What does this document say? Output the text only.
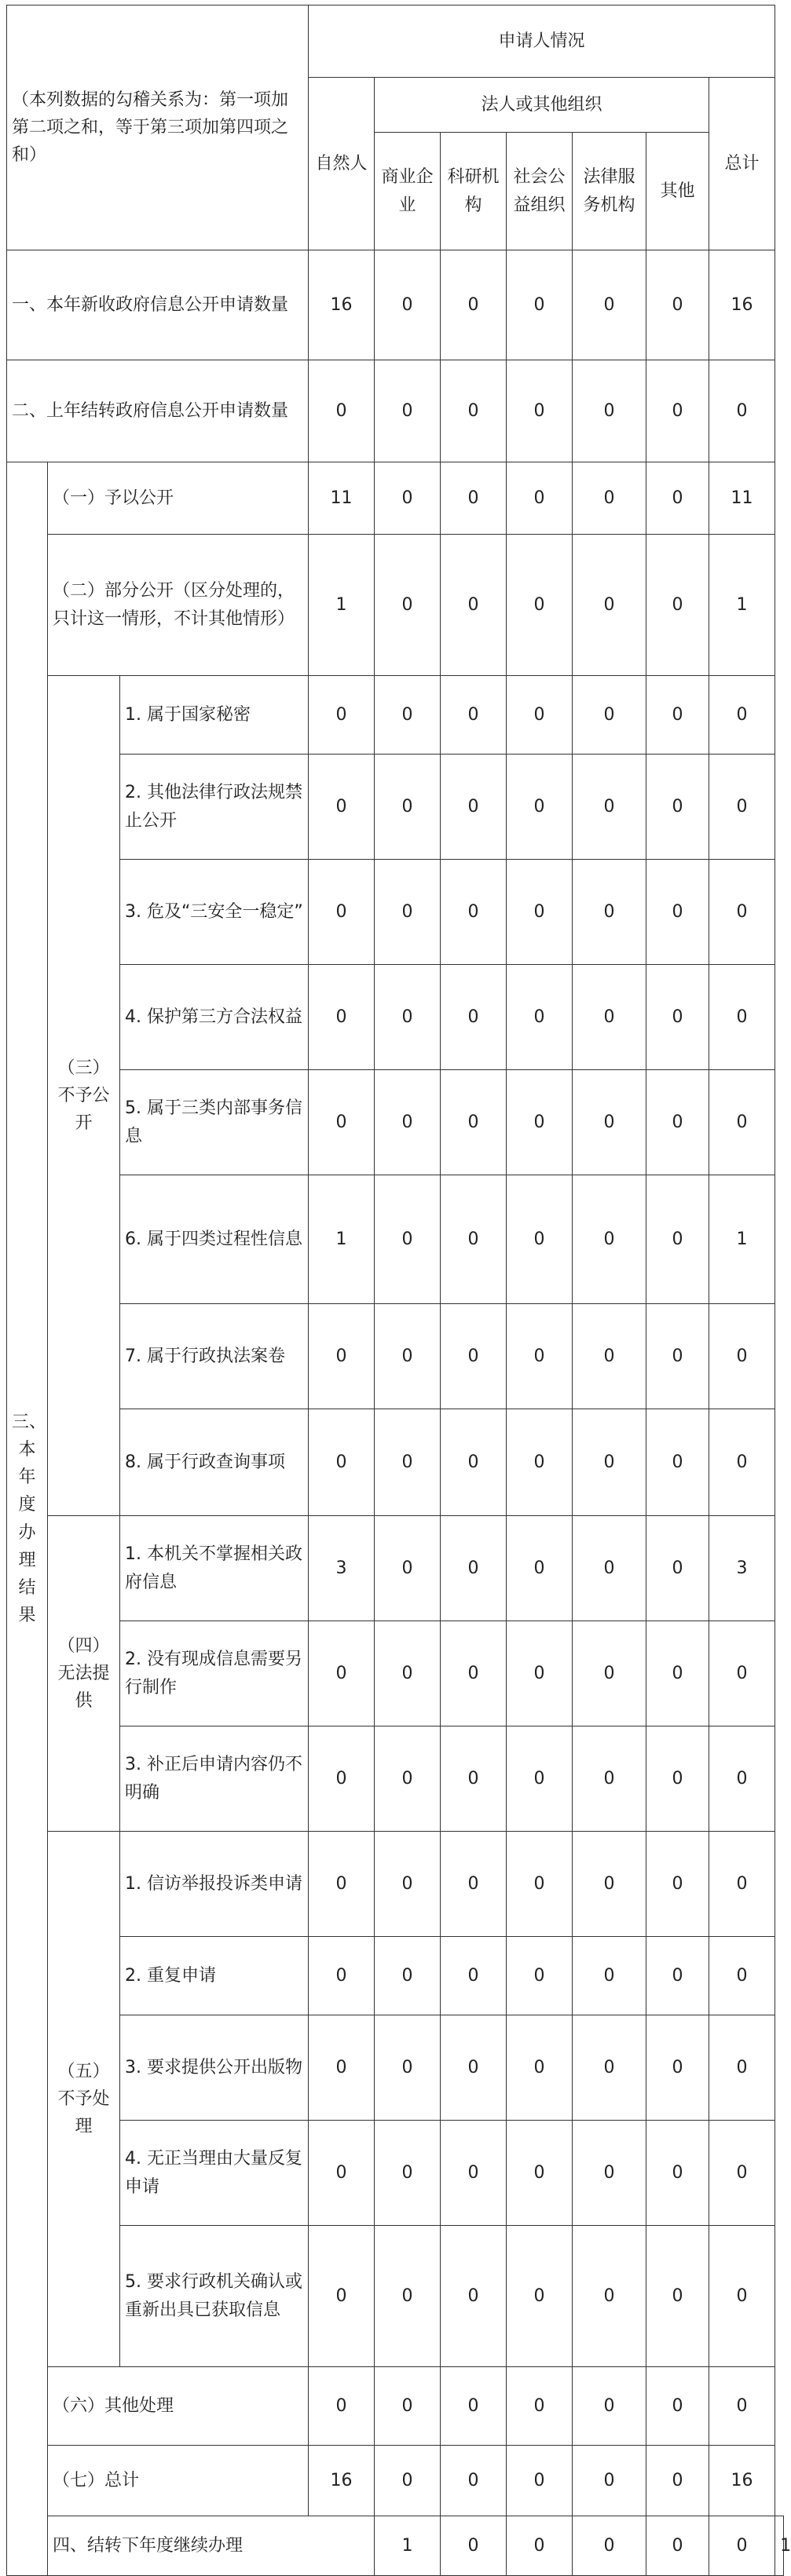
（本列数据的勾稽关系为：第一项加第二项之和，等于第三项加第四项之和）			申请人情况							
			自然人	法人或其他组织					总计	
				商业企业	科研机构	社会公益组织	法律服务机构	其他		
一、本年新收政府信息公开申请数量			16	0	0	0	0	0	16	
二、上年结转政府信息公开申请数量			0	0	0	0	0	0	0	
三、本年度办理结果	（一）予以公开		11	0	0	0	0	0	11	
	（二）部分公开（区分处理的，只计这一情形，不计其他情形）		1	0	0	0	0	0	1	
	（三）不予公开	1. 属于国家秘密	0	0	0	0	0	0	0	
		2. 其他法律行政法规禁止公开	0	0	0	0	0	0	0	
		3. 危及“三安全一稳定”	0	0	0	0	0	0	0	
		4. 保护第三方合法权益	0	0	0	0	0	0	0	
		5. 属于三类内部事务信息	0	0	0	0	0	0	0	
		6. 属于四类过程性信息	1	0	0	0	0	0	1	
		7. 属于行政执法案卷	0	0	0	0	0	0	0	
		8. 属于行政查询事项	0	0	0	0	0	0	0	
	（四）无法提供	1. 本机关不掌握相关政府信息	3	0	0	0	0	0	3	
		2. 没有现成信息需要另行制作	0	0	0	0	0	0	0	
		3. 补正后申请内容仍不明确	0	0	0	0	0	0	0	
	（五）不予处理	1. 信访举报投诉类申请	0	0	0	0	0	0	0	
		2. 重复申请	0	0	0	0	0	0	0	
		3. 要求提供公开出版物	0	0	0	0	0	0	0	
		4. 无正当理由大量反复申请	0	0	0	0	0	0	0	
		5. 要求行政机关确认或重新出具已获取信息	0	0	0	0	0	0	0	
	（六）其他处理		0	0	0	0	0	0	0	
	（七）总计		16	0	0	0	0	0	16	
	四、结转下年度继续办理			1	0	0	0	0	0	1
